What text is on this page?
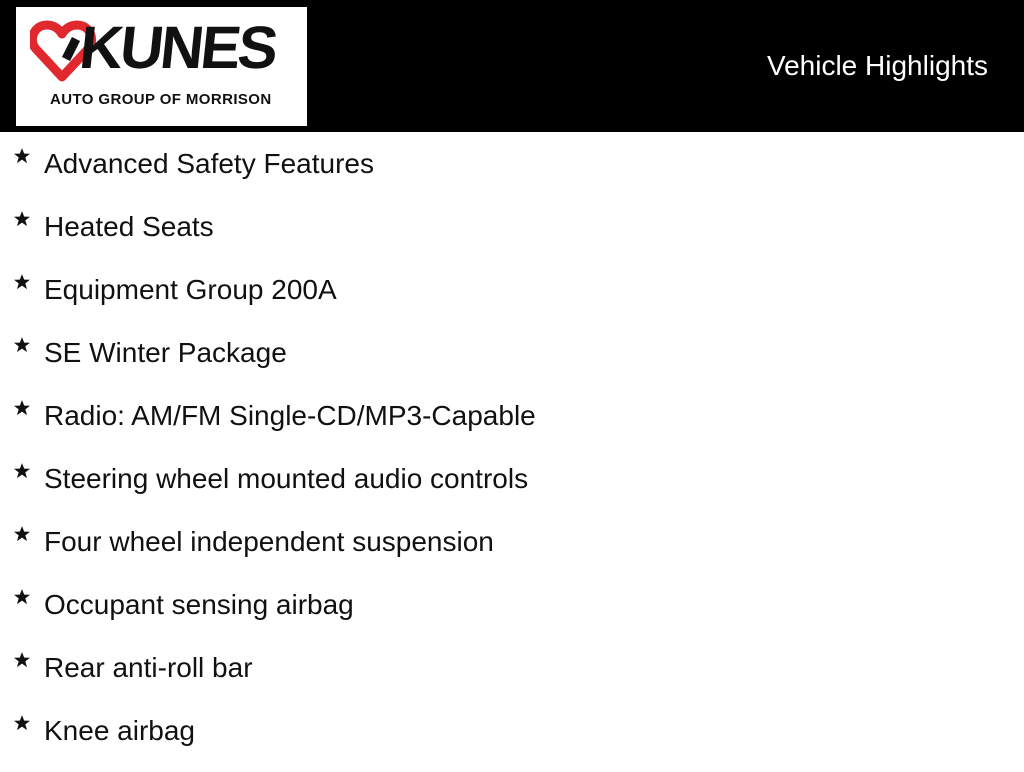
KUNES
AUTO GROUP OF MORRISON
Vehicle Highlights
Advanced Safety Features
Heated Seats
Equipment Group 200A
SE Winter Package
Radio: AM/FM Single-CD/MP3-Capable
Steering wheel mounted audio controls
Four wheel independent suspension
Occupant sensing airbag
Rear anti-roll bar
Knee airbag
